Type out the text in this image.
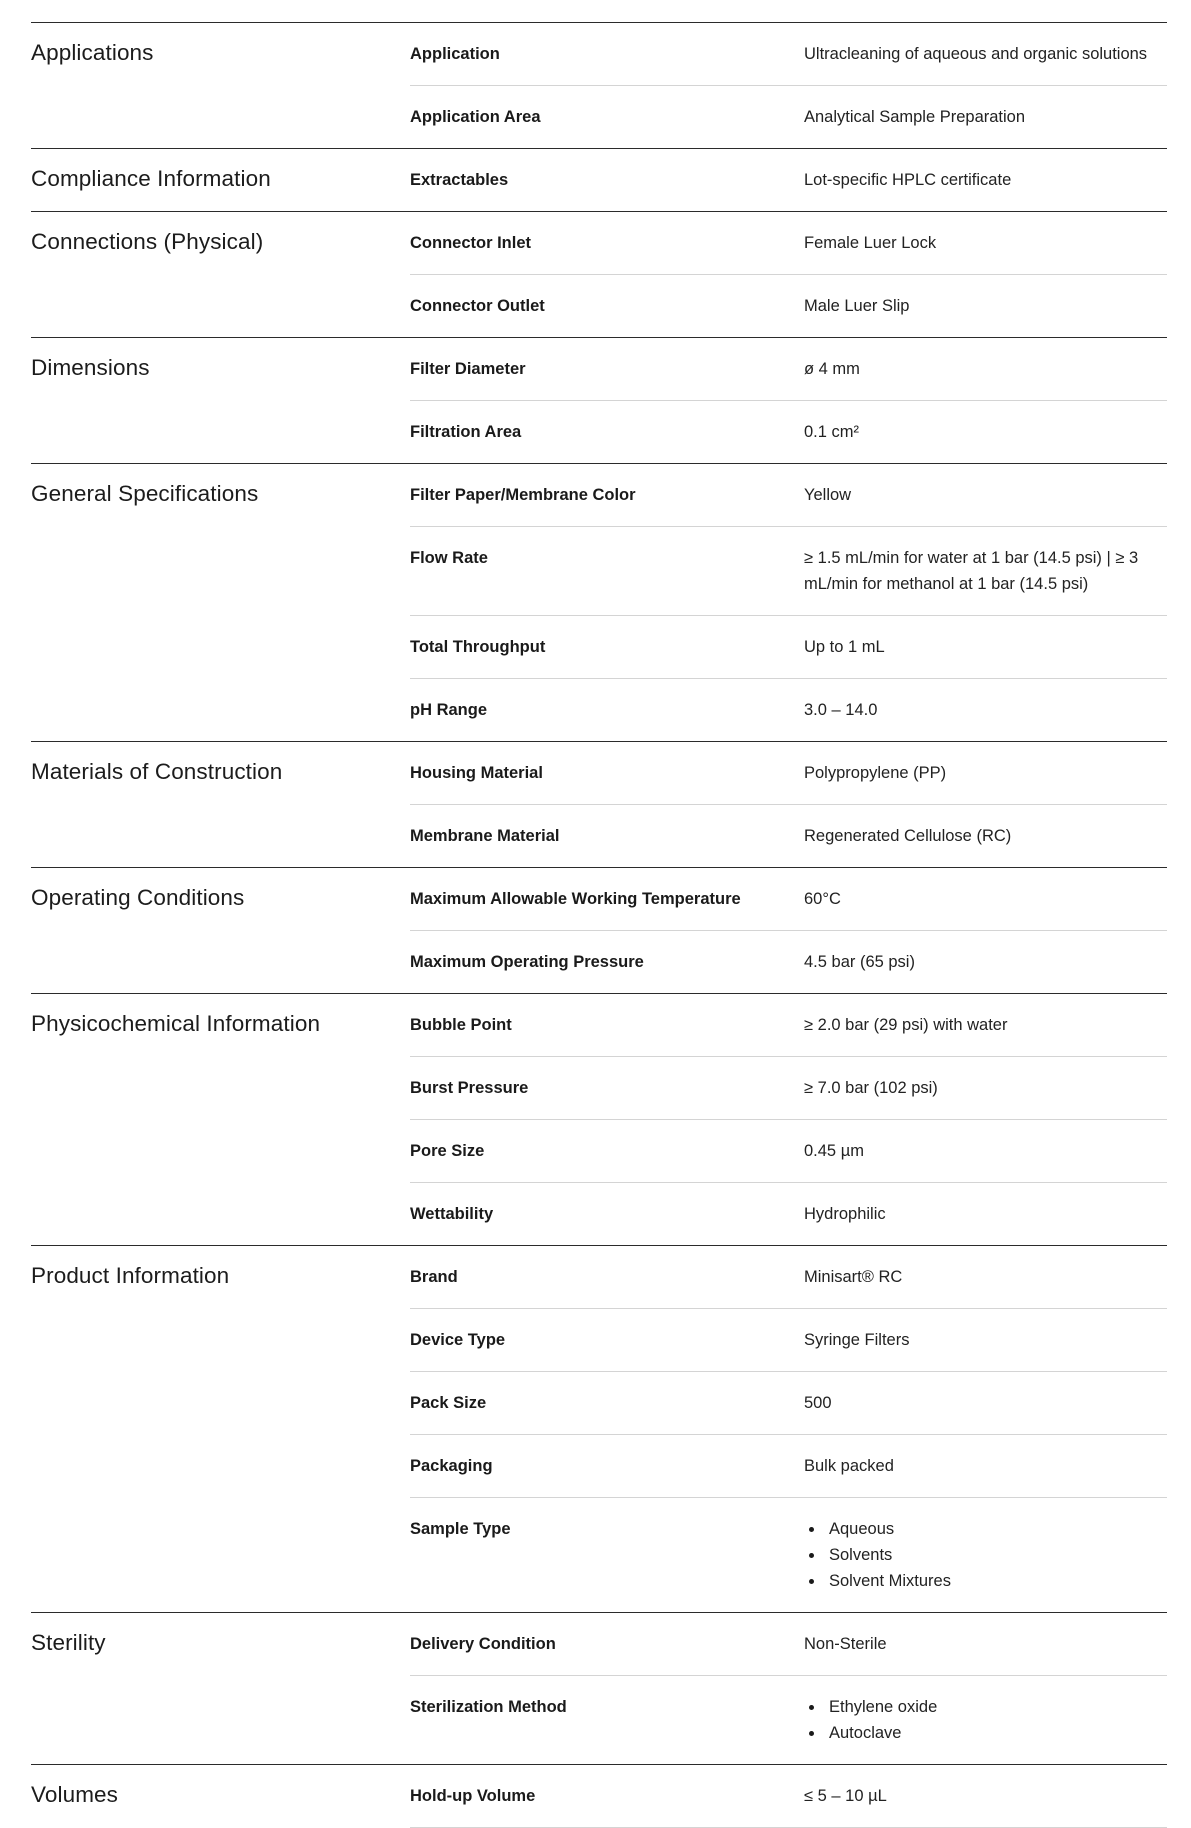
Applications	Application	Ultracleaning of aqueous and organic solutions
Application Area	Analytical Sample Preparation
Compliance Information	Extractables	Lot-specific HPLC certificate
Connections (Physical)	Connector Inlet	Female Luer Lock
Connector Outlet	Male Luer Slip
Dimensions	Filter Diameter	ø 4 mm
Filtration Area	0.1 cm²
General Specifications	Filter Paper/Membrane Color	Yellow
Flow Rate	≥ 1.5 mL/min for water at 1 bar (14.5 psi) | ≥ 3 mL/min for methanol at 1 bar (14.5 psi)
Total Throughput	Up to 1 mL
pH Range	3.0 – 14.0
Materials of Construction	Housing Material	Polypropylene (PP)
Membrane Material	Regenerated Cellulose (RC)
Operating Conditions	Maximum Allowable Working Temperature	60°C
Maximum Operating Pressure	4.5 bar (65 psi)
Physicochemical Information	Bubble Point	≥ 2.0 bar (29 psi) with water
Burst Pressure	≥ 7.0 bar (102 psi)
Pore Size	0.45 µm
Wettability	Hydrophilic
Product Information	Brand	Minisart® RC
Device Type	Syringe Filters
Pack Size	500
Packaging	Bulk packed
Sample Type	Aqueous
Solvents
Solvent Mixtures
Sterility	Delivery Condition	Non-Sterile
Sterilization Method	Ethylene oxide
Autoclave
Volumes	Hold-up Volume	≤ 5 – 10 µL
